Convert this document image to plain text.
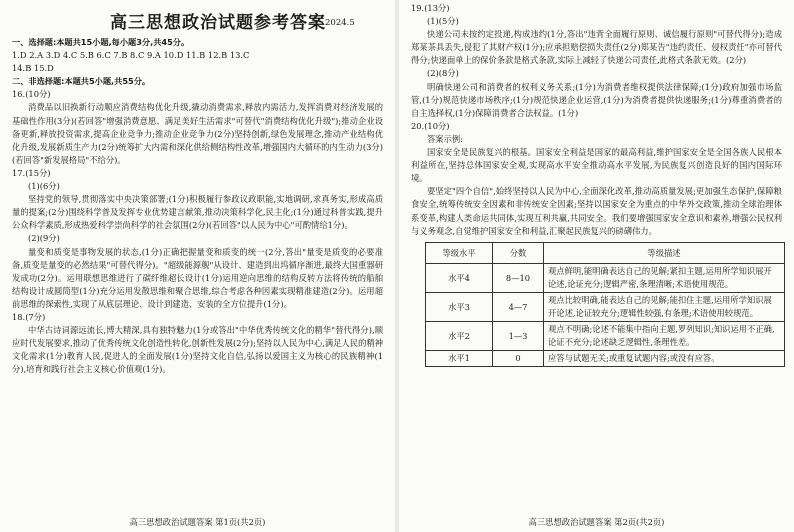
高三思想政治试题参考答案 2024.5
一、选择题:本题共15小题,每小题3分,共45分。
1.D 2.A 3.D 4.C 5.B 6.C 7.B 8.C 9.A 10.D 11.B 12.B 13.C
14.B 15.D
二、非选择题:本题共5小题,共55分。
16.(10分)

消费品以旧换新行动顺应消费结构优化升级,撬动消费需求,释放内需活力,发挥消费对经济发展的基础性作用(3分)(若回答"增强消费意愿、满足美好生活需求"可替代"消费结构优化升级");推动企业设备更新,释放投资需求,提高企业竞争力;推动企业竞争力(2分)坚持创新,绿色发展理念,推动产业结构优化升级,发展新质生产力(2分)统筹扩大内需和深化供给侧结构性改革,增强国内大循环的内生动力(3分)(若回答"新发展格局"不给分)。

17.(15分)
(1)(6分)

坚持党的领导,贯彻落实中央决策部署;(1分)积极履行参政议政职能,实地调研,求真务实,形成高质量的提案;(2分)围绕科学普及发挥专业优势建言献策,推动决策科学化,民主化;(1分)通过科普实践,提升公众科学素质,形成热爱科学崇尚科学的社会氛围(2分)(若回答"以人民为中心"可酌情给1分)。

(2)(9分)

量变和质变是事物发展的状态,(1分)正确把握量变和质变的统一(2分,答出"量变是质变的必要准备,质变是量变的必然结果"可替代得分)。"超级能源舰"从设计、建造到出坞循序渐进,最终大国重器研发成功(2分)。运用联想思维进行了碳纤维超长设计(1分)运用逆向思维的结构反转方法将传统的船舶结构设计成圆筒型(1分)充分运用发散思维和聚合思维,综合考虑各种因素实现精准建造(2分)。运用超前思维的探索性,实现了从底层理论、设计到建造、安装的全方位提升(1分)。

18.(7分)

中华古诗词源远流长,博大精深,具有独特魅力(1分或答出"中华优秀传统文化的精华"替代得分),顺应时代发展要求,推动了优秀传统文化创造性转化,创新性发展(2分);坚持以人民为中心,满足人民的精神文化需求(1分)教育人民,促进人的全面发展(1分)坚持文化自信,弘扬以爱国主义为核心的民族精神(1分),培育和践行社会主义核心价值观(1分)。

高三思想政治试题答案 第1页(共2页)
19.(13分)
(1)(5分)

快递公司未按约定投递,构成违约(1分,答出"违背全面履行原则、诚信履行原则"可替代得分);造成郑某茶具丢失,侵犯了其财产权(1分);应承担赔偿损失责任(2分)郑某告"违约责任、侵权责任"亦可替代得分;快递面单上的保价条款是格式条款,实际上减轻了快递公司责任,此格式条款无效。(2分)

(2)(8分)

明确快递公司和消费者的权利义务关系;(1分)为消费者维权提供法律保障;(1分)政府加强市场监管,(1分)规范快递市场秩序;(1分)规范快递企业运营,(1分)为消费者提供快递服务;(1分)尊重消费者的自主选择权,(1分)保障消费者合法权益。(1分)

20.(10分)
答案示例:

国家安全是民族复兴的根基。国家安全利益是国家的最高利益,维护国家安全是全国各族人民根本利益所在,坚持总体国家安全观,实现高水平安全推动高水平发展,为民族复兴创造良好的国内国际环境。

要坚定"四个自信",始终坚持以人民为中心,全面深化改革,推动高质量发展;更加强生态保护,保障粮食安全,统筹传统安全因素和非传统安全因素;坚持以国家安全为重点的中华外交政策,推动全球治理体系变革,构建人类命运共同体,实现互利共赢,共同安全。我们要增强国家安全意识和素养,增强公民权利与义务观念,自觉维护国家安全和利益,汇聚起民族复兴的磅礴伟力。

等级水平	分数	等级描述
水平4	8—10	观点鲜明,能明确表达自己的见解;紧扣主题,运用所学知识展开论述,论证充分;逻辑严密,条理清晰;术语使用规范。
水平3	4—7	观点比较明确,能表达自己的见解;能扣住主题,运用所学知识展开论述,论证较充分;逻辑性较强,有条理;术语使用较规范。
水平2	1—3	观点不明确;论述不能集中指向主题,罗列知识;知识运用不正确,论证不充分;论述缺乏逻辑性,条理性差。
水平1	0	应答与试题无关;或重复试题内容;或没有应答。
高三思想政治试题答案 第2页(共2页)
